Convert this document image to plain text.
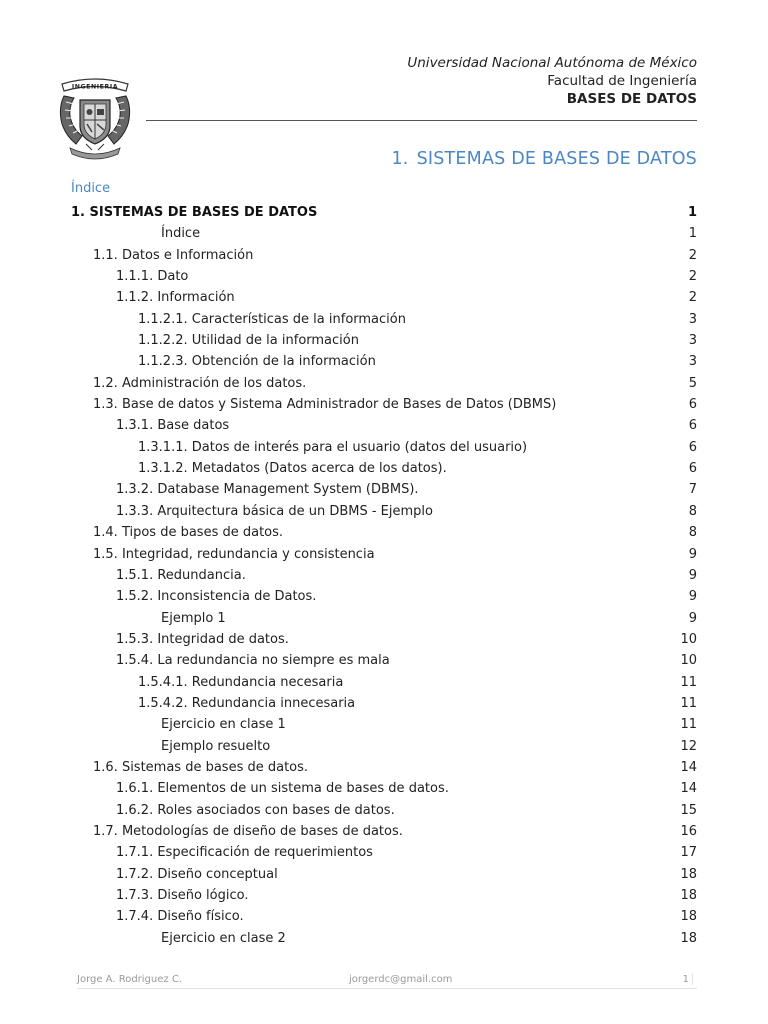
INGENIERIA
Universidad Nacional Autónoma de México
Facultad de Ingeniería
BASES DE DATOS
1. SISTEMAS DE BASES DE DATOS
Índice
1. SISTEMAS DE BASES DE DATOS	1
Índice	1
1.1. Datos e Información	2
1.1.1. Dato	2
1.1.2. Información	2
1.1.2.1. Características de la información	3
1.1.2.2. Utilidad de la información	3
1.1.2.3. Obtención de la información	3
1.2. Administración de los datos.	5
1.3. Base de datos y Sistema Administrador de Bases de Datos (DBMS)	6
1.3.1. Base datos	6
1.3.1.1. Datos de interés para el usuario (datos del usuario)	6
1.3.1.2. Metadatos (Datos acerca de los datos).	6
1.3.2. Database Management System (DBMS).	7
1.3.3. Arquitectura básica de un DBMS - Ejemplo	8
1.4. Tipos de bases de datos.	8
1.5. Integridad, redundancia y consistencia	9
1.5.1. Redundancia.	9
1.5.2. Inconsistencia de Datos.	9
Ejemplo 1	9
1.5.3. Integridad de datos.	10
1.5.4. La redundancia no siempre es mala	10
1.5.4.1. Redundancia necesaria	11
1.5.4.2. Redundancia innecesaria	11
Ejercicio en clase 1	11
Ejemplo resuelto	12
1.6. Sistemas de bases de datos.	14
1.6.1. Elementos de un sistema de bases de datos.	14
1.6.2. Roles asociados con bases de datos.	15
1.7. Metodologías de diseño de bases de datos.	16
1.7.1. Especificación de requerimientos	17
1.7.2. Diseño conceptual	18
1.7.3. Diseño lógico.	18
1.7.4. Diseño físico.	18
Ejercicio en clase 2	18
Jorge A. Rodriguez C.	jorgerdc@gmail.com	1
